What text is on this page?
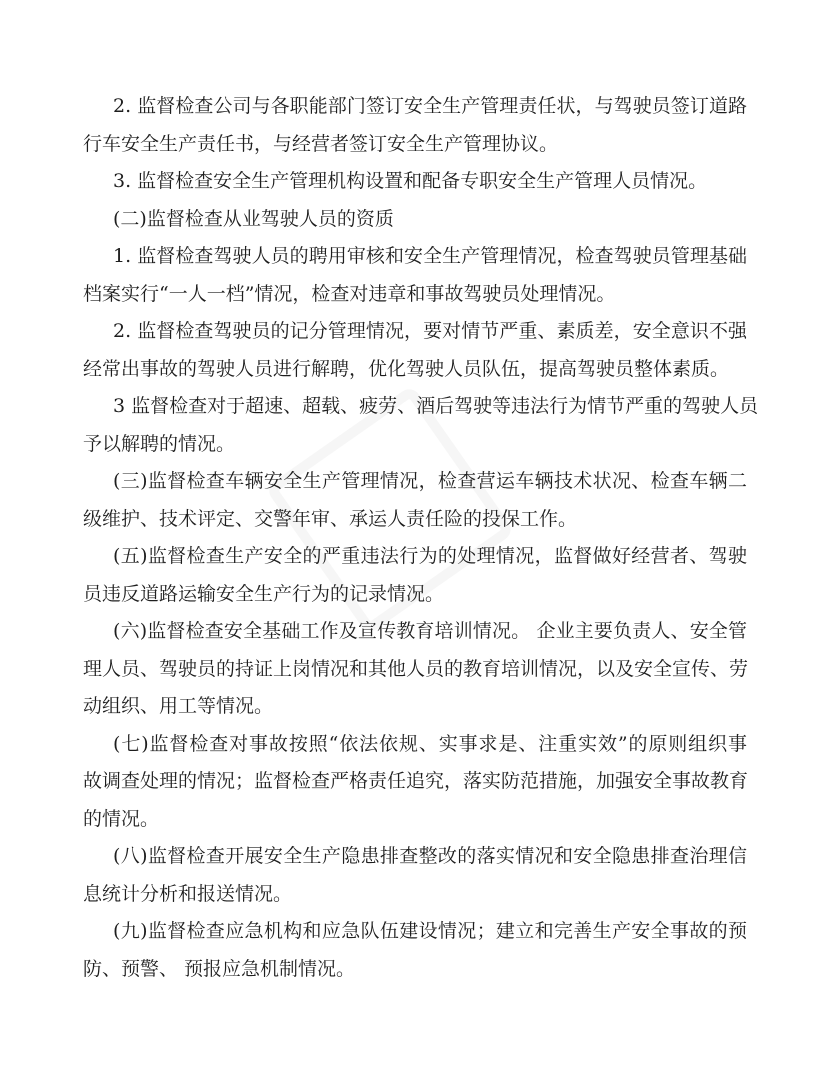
2. 监督检查公司与各职能部门签订安全生产管理责任状，与驾驶员签订道路
行车安全生产责任书，与经营者签订安全生产管理协议。
3. 监督检查安全生产管理机构设置和配备专职安全生产管理人员情况。
(二)监督检查从业驾驶人员的资质
1. 监督检查驾驶人员的聘用审核和安全生产管理情况，检查驾驶员管理基础
档案实行“一人一档”情况，检查对违章和事故驾驶员处理情况。
2. 监督检查驾驶员的记分管理情况，要对情节严重、素质差，安全意识不强
经常出事故的驾驶人员进行解聘，优化驾驶人员队伍，提高驾驶员整体素质。
3 监督检查对于超速、超载、疲劳、酒后驾驶等违法行为情节严重的驾驶人员
予以解聘的情况。
(三)监督检查车辆安全生产管理情况，检查营运车辆技术状况、检查车辆二
级维护、技术评定、交警年审、承运人责任险的投保工作。
(五)监督检查生产安全的严重违法行为的处理情况，监督做好经营者、驾驶
员违反道路运输安全生产行为的记录情况。
(六)监督检查安全基础工作及宣传教育培训情况。 企业主要负责人、安全管
理人员、驾驶员的持证上岗情况和其他人员的教育培训情况，以及安全宣传、劳
动组织、用工等情况。
(七)监督检查对事故按照“依法依规、实事求是、注重实效”的原则组织事
故调查处理的情况；监督检查严格责任追究，落实防范措施，加强安全事故教育
的情况。
(八)监督检查开展安全生产隐患排查整改的落实情况和安全隐患排查治理信
息统计分析和报送情况。
(九)监督检查应急机构和应急队伍建设情况；建立和完善生产安全事故的预
防、预警、 预报应急机制情况。
